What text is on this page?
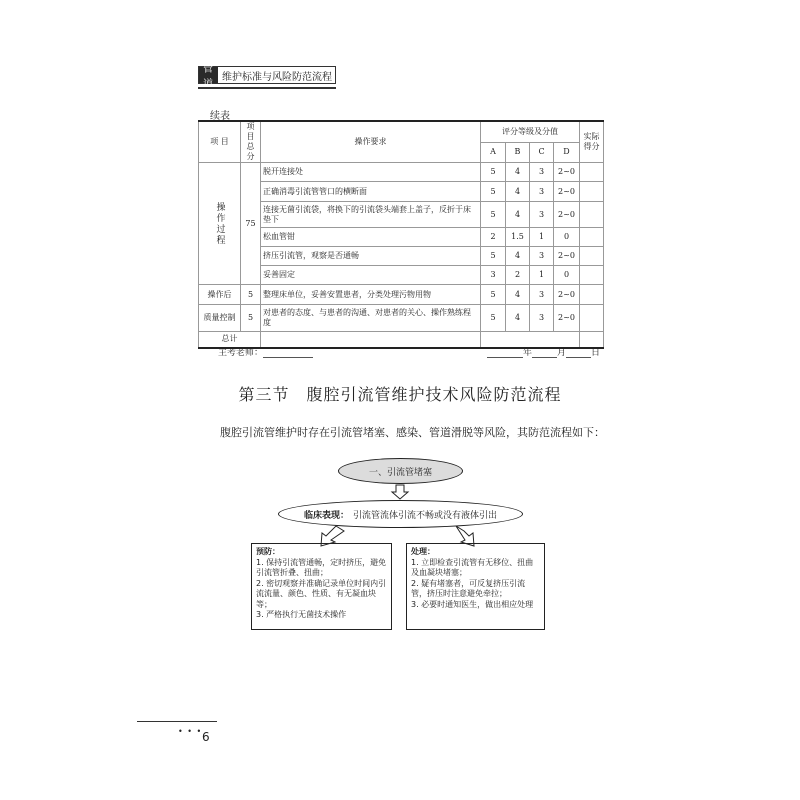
管道
维护标准与风险防范流程
续表
项 目	项目总分	操作要求	评分等级及分值				实际得分
			A	B	C	D	
操作过程	75	脱开连接处	5	4	3	2~0	
		正确消毒引流管管口的横断面	5	4	3	2~0	
		连接无菌引流袋，将换下的引流袋头端套上盖子，反折于床垫下	5	4	3	2~0	
		松血管钳	2	1.5	1	0	
		挤压引流管，观察是否通畅	5	4	3	2~0	
		妥善固定	3	2	1	0	
操作后	5	整理床单位，妥善安置患者，分类处理污物用物	5	4	3	2~0	
质量控制	5	对患者的态度、与患者的沟通、对患者的关心、操作熟练程度	5	4	3	2~0	
总计							
主考老师：	年	月	日
第三节　腹腔引流管维护技术风险防范流程
腹腔引流管维护时存在引流管堵塞、感染、管道滑脱等风险，其防范流程如下：
一、引流管堵塞
临床表现： 引流管流体引流不畅或没有液体引出
预防：
1. 保持引流管通畅，定时挤压，避免引流管折叠、扭曲；
2. 密切观察并准确记录单位时间内引流流量、颜色、性质、有无凝血块等；
3. 严格执行无菌技术操作
处理：
1. 立即检查引流管有无移位、扭曲及血凝块堵塞；
2. 疑有堵塞者，可反复挤压引流管，挤压时注意避免牵拉；
3. 必要时通知医生，做出相应处理
• • • 6
